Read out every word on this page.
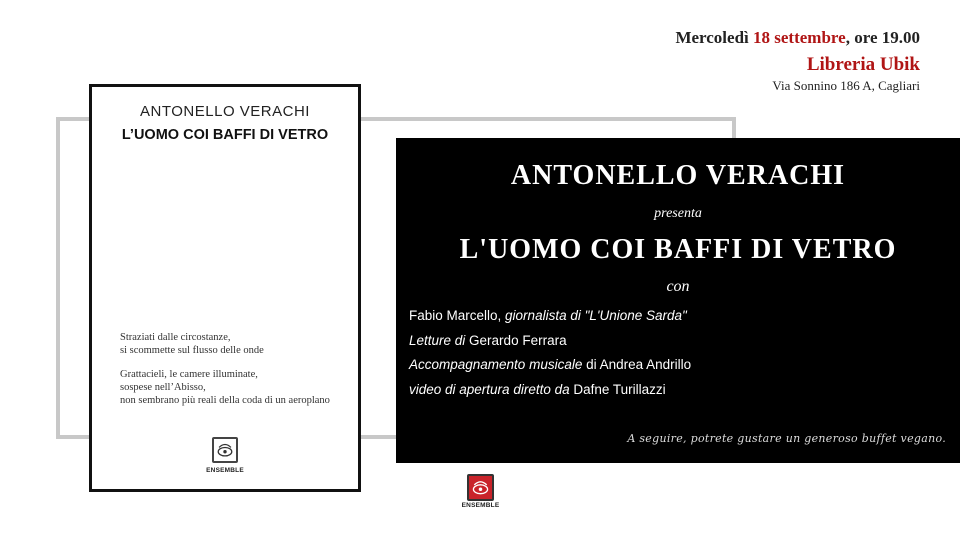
Mercoledì 18 settembre, ore 19.00
Libreria Ubik
Via Sonnino 186 A, Cagliari
ANTONELLO VERACHI
L’UOMO COI BAFFI DI VETRO
Straziati dalle circostanze,
si scommette sul flusso delle onde
Grattacieli, le camere illuminate,
sospese nell’Abisso,
non sembrano più reali della coda di un aeroplano
ENSEMBLE
ANTONELLO VERACHI
presenta
L'UOMO COI BAFFI DI VETRO
con
Fabio Marcello, giornalista di "L'Unione Sarda"
Letture di Gerardo Ferrara
Accompagnamento musicale di Andrea Andrillo
video di apertura diretto da Dafne Turillazzi
A seguire, potrete gustare un generoso buffet vegano.
ENSEMBLE
